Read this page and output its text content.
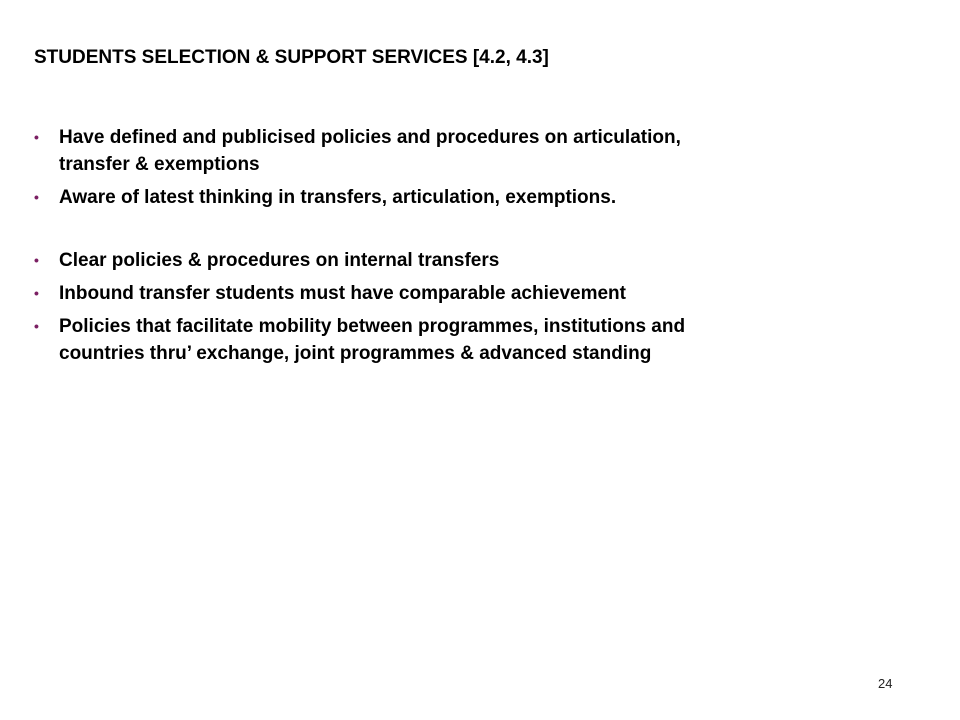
STUDENTS SELECTION & SUPPORT SERVICES [4.2, 4.3]
•	Have defined and publicised policies and procedures on articulation, transfer & exemptions
•	Aware of latest thinking in transfers, articulation, exemptions.
•	Clear policies & procedures on internal transfers
•	Inbound transfer students must have comparable achievement
•	Policies that facilitate mobility between programmes, institutions and countries thru’ exchange, joint programmes & advanced standing
24
